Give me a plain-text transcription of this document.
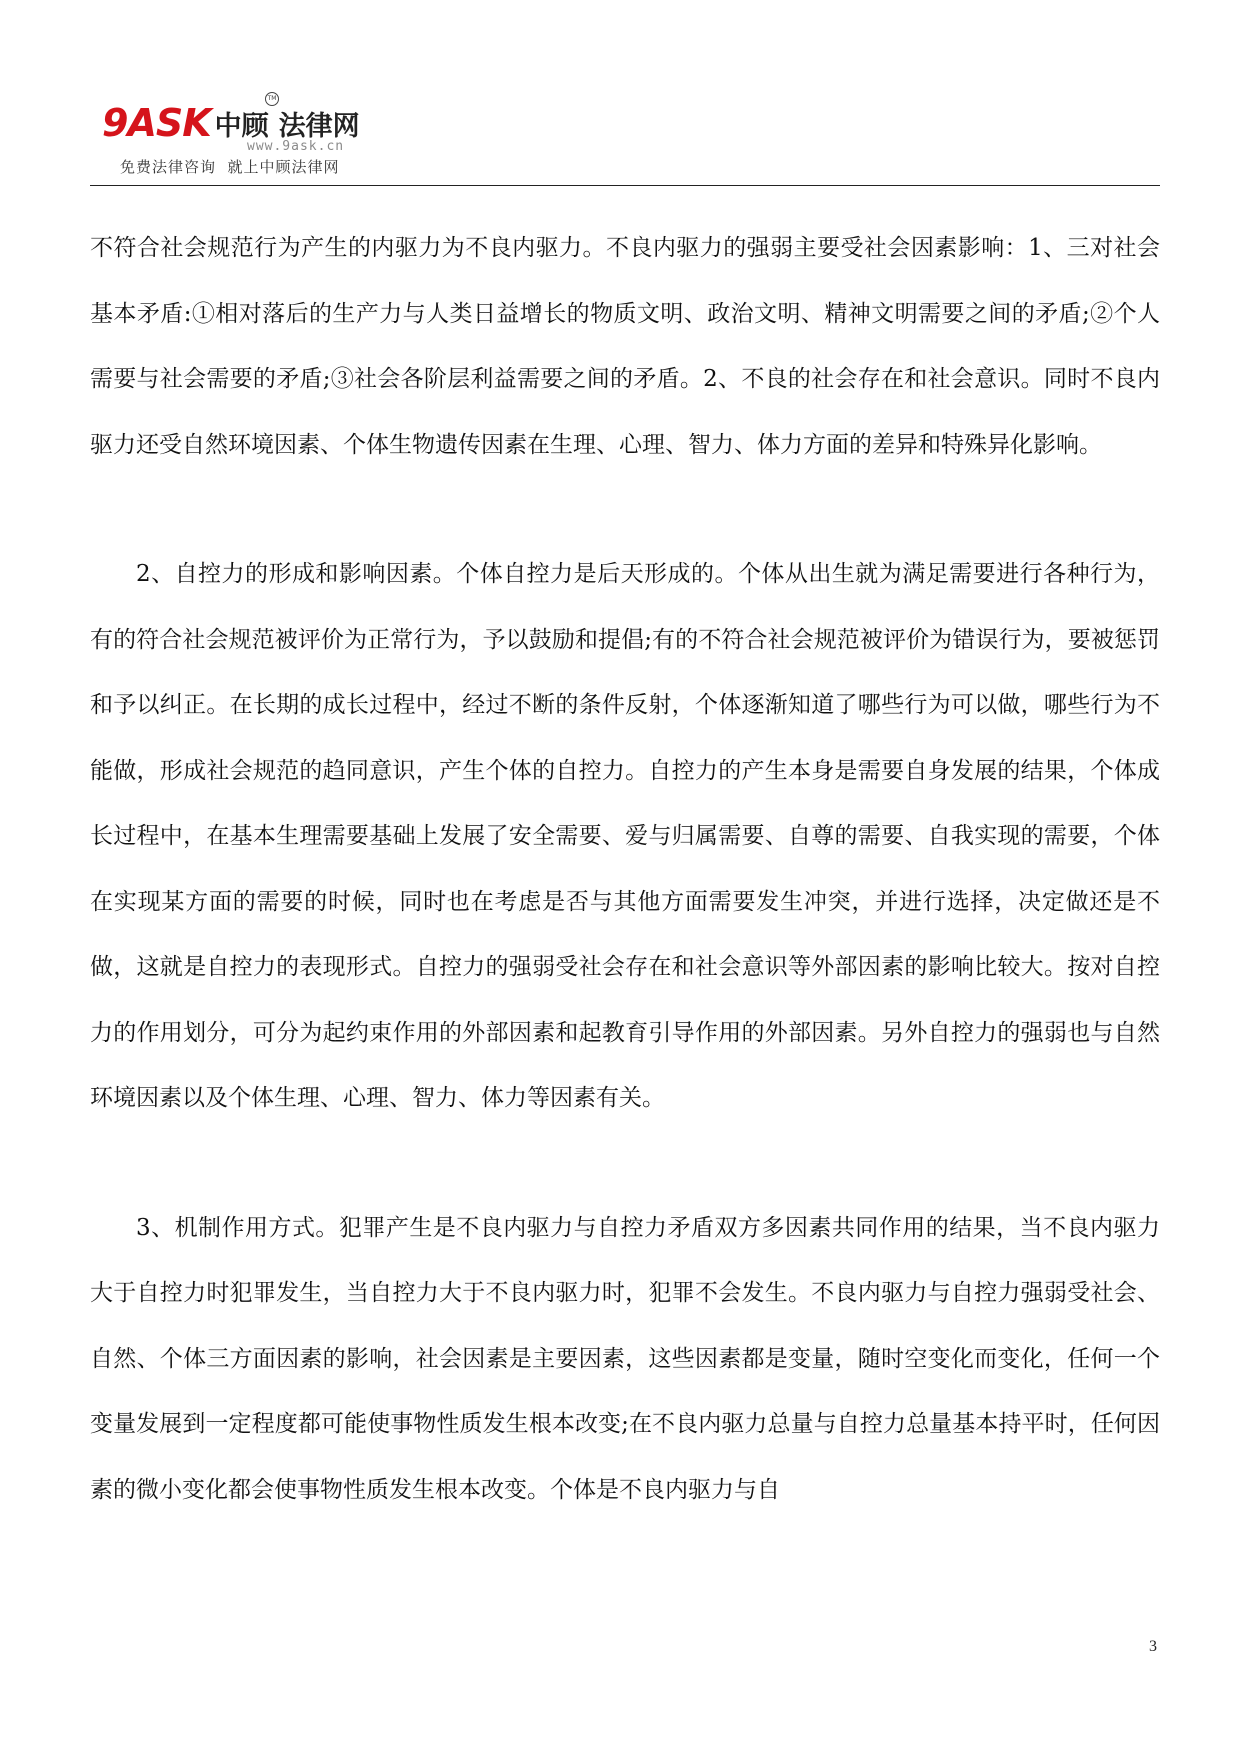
9ASK 中顾 法律网
TM
www.9ask.cn
免费法律咨询  就上中顾法律网

不符合社会规范行为产生的内驱力为不良内驱力。不良内驱力的强弱主要受社会因素影响：1、三对社会基本矛盾:①相对落后的生产力与人类日益增长的物质文明、政治文明、精神文明需要之间的矛盾;②个人需要与社会需要的矛盾;③社会各阶层利益需要之间的矛盾。2、不良的社会存在和社会意识。同时不良内驱力还受自然环境因素、个体生物遗传因素在生理、心理、智力、体力方面的差异和特殊异化影响。

2、自控力的形成和影响因素。个体自控力是后天形成的。个体从出生就为满足需要进行各种行为，有的符合社会规范被评价为正常行为，予以鼓励和提倡;有的不符合社会规范被评价为错误行为，要被惩罚和予以纠正。在长期的成长过程中，经过不断的条件反射，个体逐渐知道了哪些行为可以做，哪些行为不能做，形成社会规范的趋同意识，产生个体的自控力。自控力的产生本身是需要自身发展的结果，个体成长过程中，在基本生理需要基础上发展了安全需要、爱与归属需要、自尊的需要、自我实现的需要，个体在实现某方面的需要的时候，同时也在考虑是否与其他方面需要发生冲突，并进行选择，决定做还是不做，这就是自控力的表现形式。自控力的强弱受社会存在和社会意识等外部因素的影响比较大。按对自控力的作用划分，可分为起约束作用的外部因素和起教育引导作用的外部因素。另外自控力的强弱也与自然环境因素以及个体生理、心理、智力、体力等因素有关。

3、机制作用方式。犯罪产生是不良内驱力与自控力矛盾双方多因素共同作用的结果，当不良内驱力大于自控力时犯罪发生，当自控力大于不良内驱力时，犯罪不会发生。不良内驱力与自控力强弱受社会、自然、个体三方面因素的影响，社会因素是主要因素，这些因素都是变量，随时空变化而变化，任何一个变量发展到一定程度都可能使事物性质发生根本改变;在不良内驱力总量与自控力总量基本持平时，任何因素的微小变化都会使事物性质发生根本改变。个体是不良内驱力与自

3
